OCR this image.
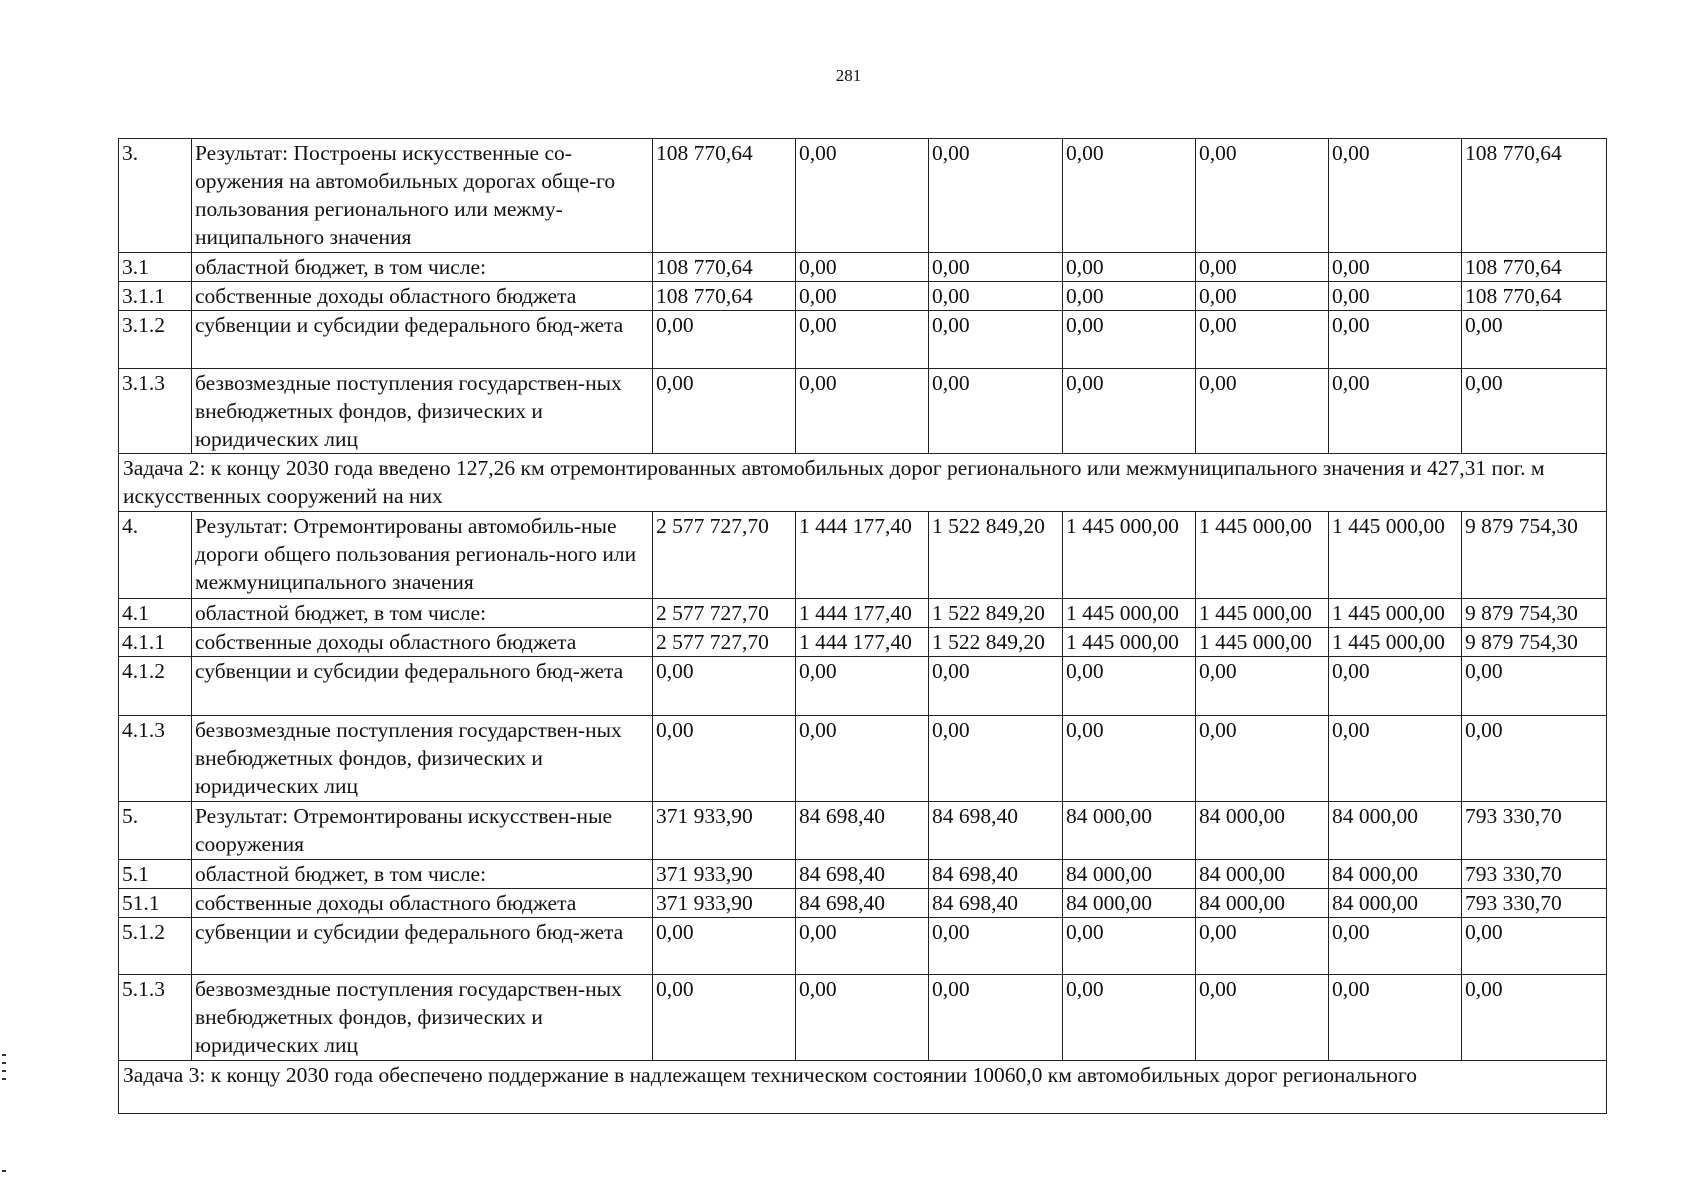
281
3.	Результат: Построены искусственные со-оружения на автомобильных дорогах обще-го пользования регионального или межму-ниципального значения	108 770,64	0,00	0,00	0,00	0,00	0,00	108 770,64
3.1	областной бюджет, в том числе:	108 770,64	0,00	0,00	0,00	0,00	0,00	108 770,64
3.1.1	собственные доходы областного бюджета	108 770,64	0,00	0,00	0,00	0,00	0,00	108 770,64
3.1.2	субвенции и субсидии федерального бюд-жета	0,00	0,00	0,00	0,00	0,00	0,00	0,00
3.1.3	безвозмездные поступления государствен-ных внебюджетных фондов, физических и юридических лиц	0,00	0,00	0,00	0,00	0,00	0,00	0,00
Задача 2: к концу 2030 года введено 127,26 км отремонтированных автомобильных дорог регионального или межмуниципального значения и 427,31 пог. м искусственных сооружений на них								
4.	Результат: Отремонтированы автомобиль-ные дороги общего пользования региональ-ного или межмуниципального значения	2 577 727,70	1 444 177,40	1 522 849,20	1 445 000,00	1 445 000,00	1 445 000,00	9 879 754,30
4.1	областной бюджет, в том числе:	2 577 727,70	1 444 177,40	1 522 849,20	1 445 000,00	1 445 000,00	1 445 000,00	9 879 754,30
4.1.1	собственные доходы областного бюджета	2 577 727,70	1 444 177,40	1 522 849,20	1 445 000,00	1 445 000,00	1 445 000,00	9 879 754,30
4.1.2	субвенции и субсидии федерального бюд-жета	0,00	0,00	0,00	0,00	0,00	0,00	0,00
4.1.3	безвозмездные поступления государствен-ных внебюджетных фондов, физических и юридических лиц	0,00	0,00	0,00	0,00	0,00	0,00	0,00
5.	Результат: Отремонтированы искусствен-ные сооружения	371 933,90	84 698,40	84 698,40	84 000,00	84 000,00	84 000,00	793 330,70
5.1	областной бюджет, в том числе:	371 933,90	84 698,40	84 698,40	84 000,00	84 000,00	84 000,00	793 330,70
51.1	собственные доходы областного бюджета	371 933,90	84 698,40	84 698,40	84 000,00	84 000,00	84 000,00	793 330,70
5.1.2	субвенции и субсидии федерального бюд-жета	0,00	0,00	0,00	0,00	0,00	0,00	0,00
5.1.3	безвозмездные поступления государствен-ных внебюджетных фондов, физических и юридических лиц	0,00	0,00	0,00	0,00	0,00	0,00	0,00
Задача 3: к концу 2030 года обеспечено поддержание в надлежащем техническом состоянии 10060,0 км автомобильных дорог регионального								
